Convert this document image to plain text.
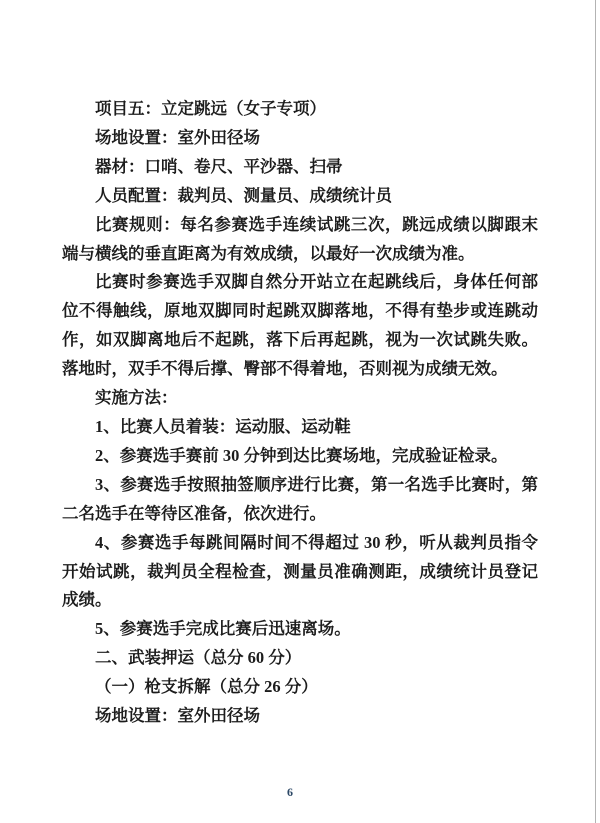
项目五：立定跳远（女子专项）

场地设置：室外田径场

器材：口哨、卷尺、平沙器、扫帚

人员配置：裁判员、测量员、成绩统计员

比赛规则：每名参赛选手连续试跳三次，跳远成绩以脚跟末端与横线的垂直距离为有效成绩，以最好一次成绩为准。

比赛时参赛选手双脚自然分开站立在起跳线后，身体任何部位不得触线，原地双脚同时起跳双脚落地，不得有垫步或连跳动作，如双脚离地后不起跳，落下后再起跳，视为一次试跳失败。落地时，双手不得后撑、臀部不得着地，否则视为成绩无效。

实施方法：

1、比赛人员着装：运动服、运动鞋

2、参赛选手赛前 30 分钟到达比赛场地，完成验证检录。

3、参赛选手按照抽签顺序进行比赛，第一名选手比赛时，第二名选手在等待区准备，依次进行。

4、参赛选手每跳间隔时间不得超过 30 秒，听从裁判员指令开始试跳，裁判员全程检查，测量员准确测距，成绩统计员登记成绩。

5、参赛选手完成比赛后迅速离场。

二、武装押运（总分 60 分）

（一）枪支拆解（总分 26 分）

场地设置：室外田径场

6
